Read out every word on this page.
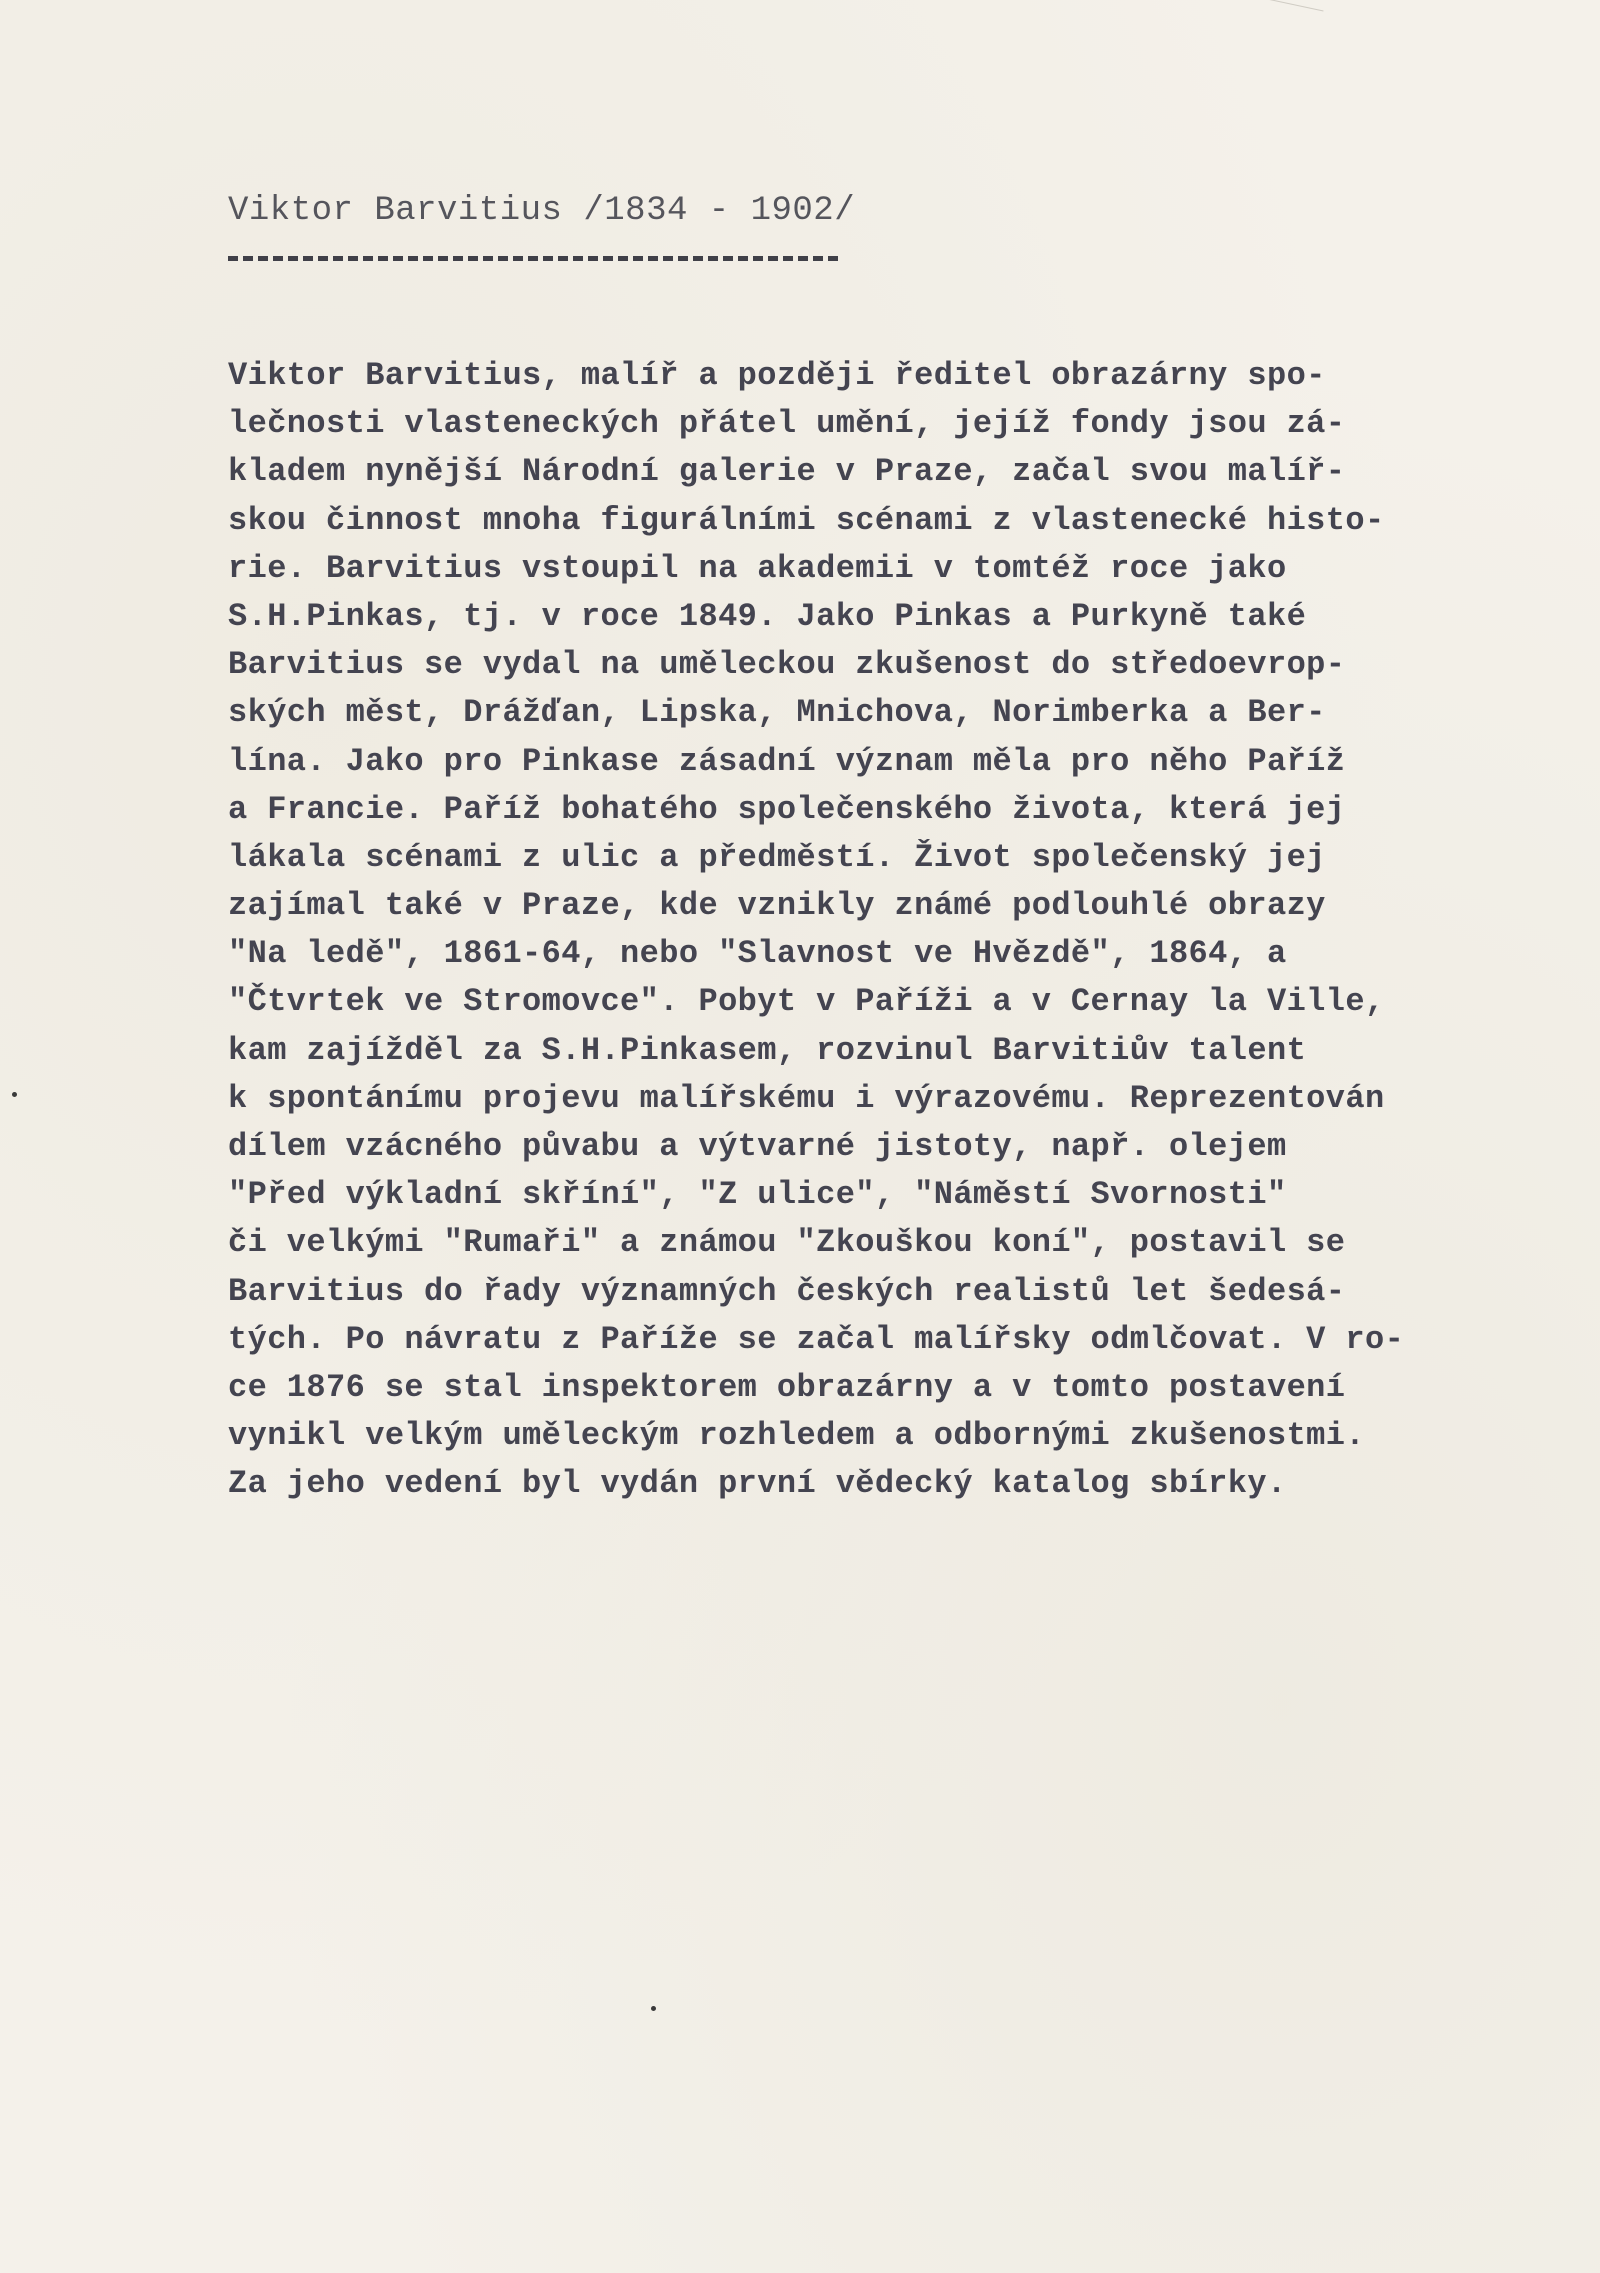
Viktor Barvitius /1834 - 1902/
Viktor Barvitius, malíř a později ředitel obrazárny spo-
lečnosti vlasteneckých přátel umění, jejíž fondy jsou zá-
kladem nynější Národní galerie v Praze, začal svou malíř-
skou činnost mnoha figurálními scénami z vlastenecké histo-
rie. Barvitius vstoupil na akademii v tomtéž roce jako
S.H.Pinkas, tj. v roce 1849. Jako Pinkas a Purkyně také
Barvitius se vydal na uměleckou zkušenost do středoevrop-
ských měst, Drážďan, Lipska, Mnichova, Norimberka a Ber-
lína. Jako pro Pinkase zásadní význam měla pro něho Paříž
a Francie. Paříž bohatého společenského života, která jej
lákala scénami z ulic a předměstí. Život společenský jej
zajímal také v Praze, kde vznikly známé podlouhlé obrazy
"Na ledě", 1861-64, nebo "Slavnost ve Hvězdě", 1864, a
"Čtvrtek ve Stromovce". Pobyt v Paříži a v Cernay la Ville,
kam zajížděl za S.H.Pinkasem, rozvinul Barvitiův talent
k spontánímu projevu malířskému i výrazovému. Reprezentován
dílem vzácného půvabu a výtvarné jistoty, např. olejem
"Před výkladní skříní", "Z ulice", "Náměstí Svornosti"
či velkými "Rumaři" a známou "Zkouškou koní", postavil se
Barvitius do řady významných českých realistů let šedesá-
tých. Po návratu z Paříže se začal malířsky odmlčovat. V ro-
ce 1876 se stal inspektorem obrazárny a v tomto postavení
vynikl velkým uměleckým rozhledem a odbornými zkušenostmi.
Za jeho vedení byl vydán první vědecký katalog sbírky.
